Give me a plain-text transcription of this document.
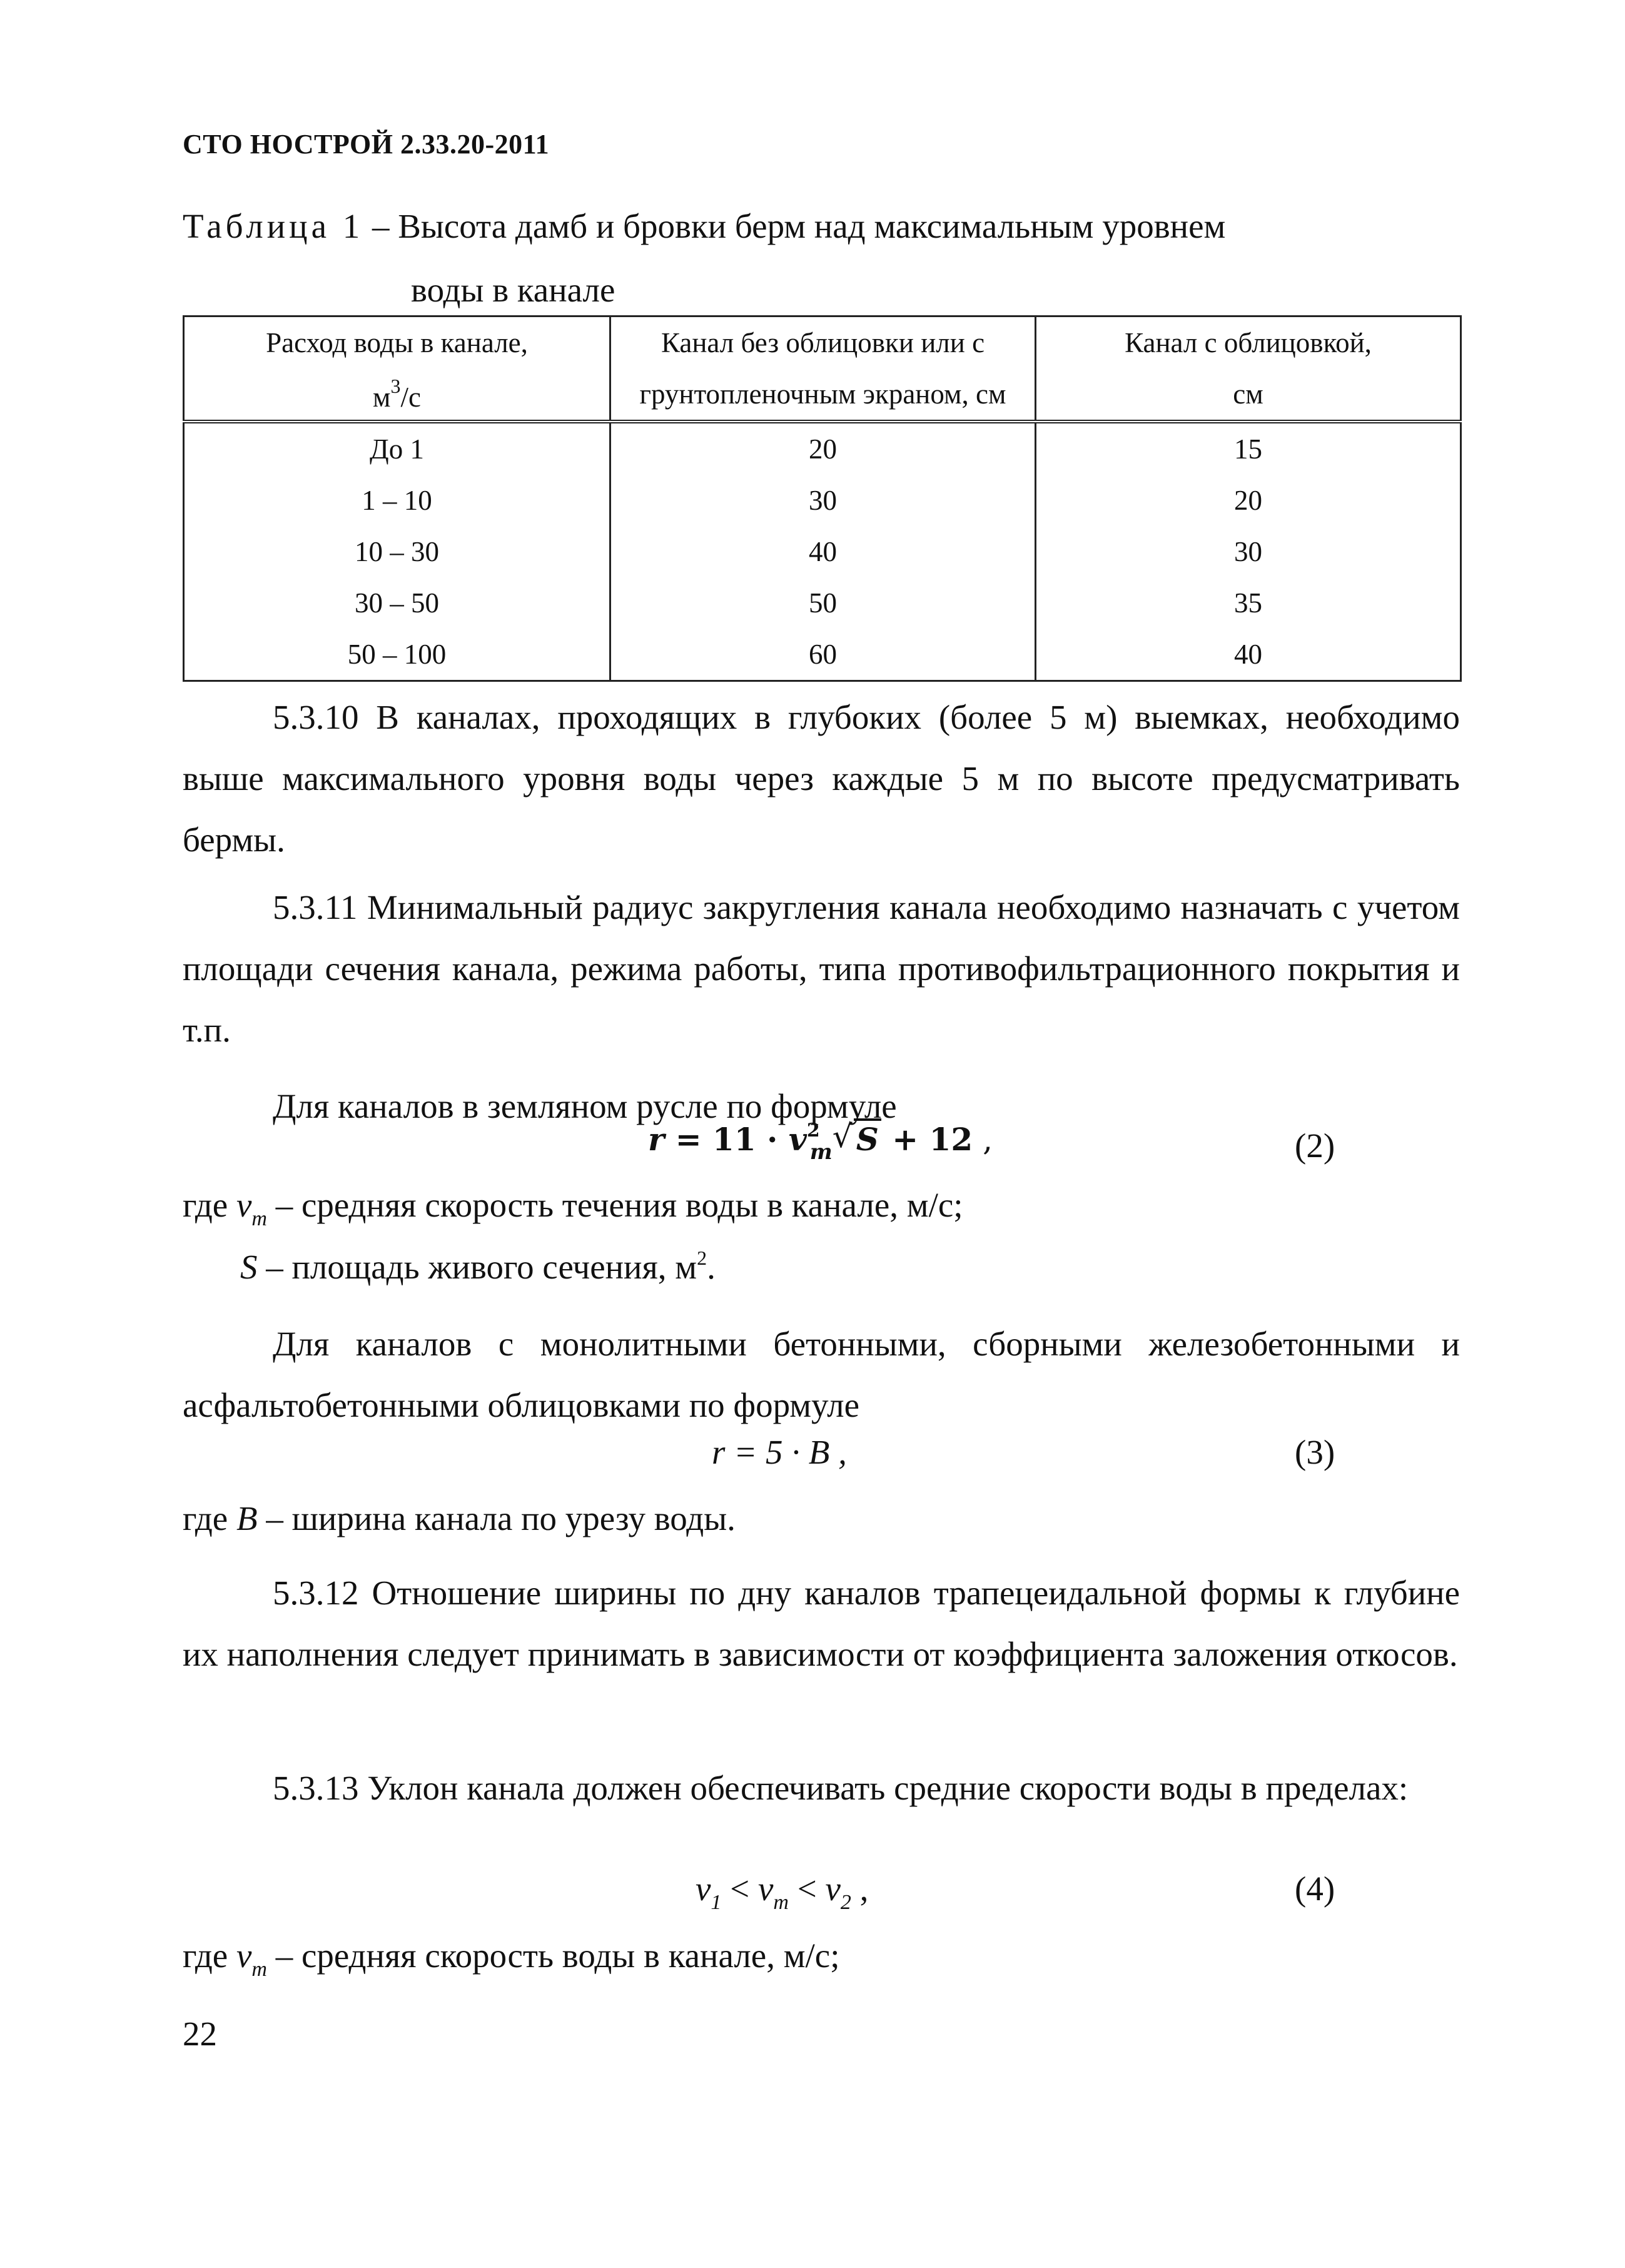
СТО НОСТРОЙ 2.33.20-2011
Таблица 1 – Высота дамб и бровки берм над максимальным уровнем
воды в канале
Расход воды в канале,	Канал без облицовки или с	Канал с облицовкой,
$м^3/с$	грунтопленочным экраном, см	см
До 1	20	15
1 – 10	30	20
10 – 30	40	30
30 – 50	50	35
50 – 100	60	40

5.3.10 В каналах, проходящих в глубоких (более 5 м) выемках, необходимо выше максимального уровня воды через каждые 5 м по высоте предусматривать бермы.

5.3.11 Минимальный радиус закругления канала необходимо назначать с учетом площади сечения канала, режима работы, типа противофильтрационного покрытия и т.п.

Для каналов в земляном русле по формуле

$r = 11 \cdot v^2_m$ √ S + 12 ,	(2)
где $v_m$ – средняя скорость течения воды в канале, м/с;
S – площадь живого сечения, $м^2$.

Для каналов с монолитными бетонными, сборными железобетонными и асфальтобетонными облицовками по формуле

r = 5 · B ,	(3)
где B – ширина канала по урезу воды.

5.3.12 Отношение ширины по дну каналов трапецеидальной формы к глубине их наполнения следует принимать в зависимости от коэффициента заложения откосов.

5.3.13 Уклон канала должен обеспечивать средние скорости воды в пределах:

$v_1 < v_m < v_2$ ,	(4)
где $v_m$ – средняя скорость воды в канале, м/с;
22
